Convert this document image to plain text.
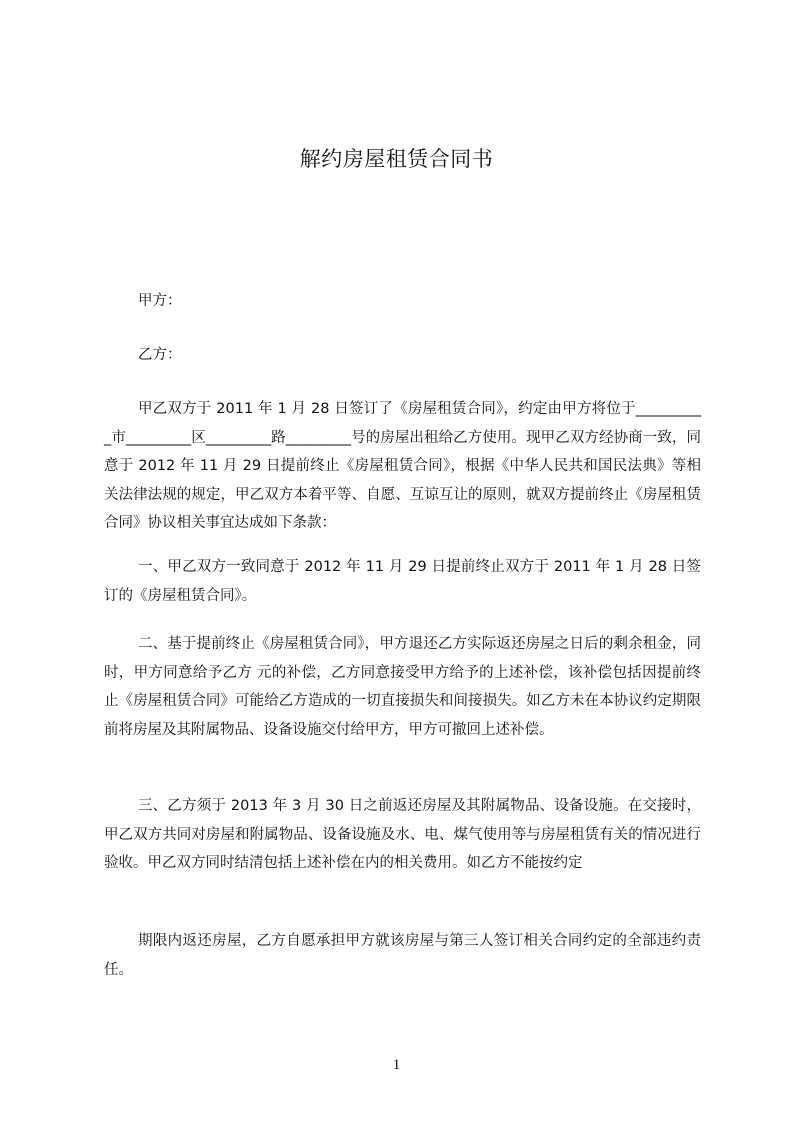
解约房屋租赁合同书
甲方：
乙方：
甲乙双方于 2011 年 1 月 28 日签订了《房屋租赁合同》，约定由甲方将位于__________市_________区_________路_________号的房屋出租给乙方使用。现甲乙双方经协商一致，同意于 2012 年 11 月 29 日提前终止《房屋租赁合同》，根据《中华人民共和国民法典》等相关法律法规的规定，甲乙双方本着平等、自愿、互谅互让的原则，就双方提前终止《房屋租赁合同》协议相关事宜达成如下条款：
一、甲乙双方一致同意于 2012 年 11 月 29 日提前终止双方于 2011 年 1 月 28 日签订的《房屋租赁合同》。
二、基于提前终止《房屋租赁合同》，甲方退还乙方实际返还房屋之日后的剩余租金，同时，甲方同意给予乙方 元的补偿，乙方同意接受甲方给予的上述补偿，该补偿包括因提前终止《房屋租赁合同》可能给乙方造成的一切直接损失和间接损失。如乙方未在本协议约定期限前将房屋及其附属物品、设备设施交付给甲方，甲方可撤回上述补偿。
三、乙方须于 2013 年 3 月 30 日之前返还房屋及其附属物品、设备设施。在交接时，甲乙双方共同对房屋和附属物品、设备设施及水、电、煤气使用等与房屋租赁有关的情况进行验收。甲乙双方同时结清包括上述补偿在内的相关费用。如乙方不能按约定
期限内返还房屋，乙方自愿承担甲方就该房屋与第三人签订相关合同约定的全部违约责任。
1
